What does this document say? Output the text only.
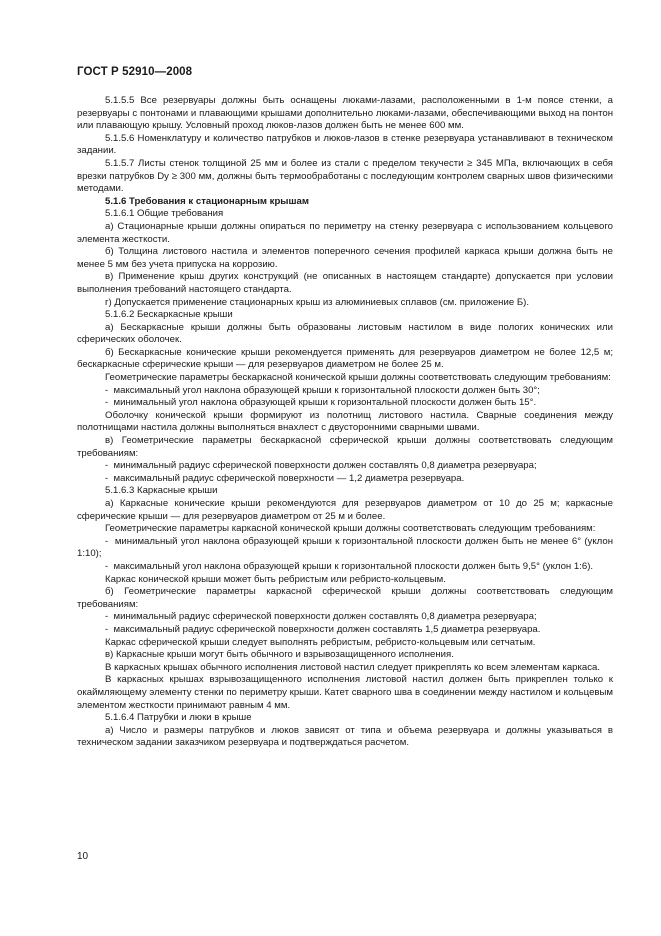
ГОСТ Р 52910—2008

5.1.5.5 Все резервуары должны быть оснащены люками-лазами, расположенными в 1-м поясе стенки, а резервуары с понтонами и плавающими крышами дополнительно люками-лазами, обеспечивающими выход на понтон или плавающую крышу. Условный проход люков-лазов должен быть не менее 600 мм.

5.1.5.6 Номенклатуру и количество патрубков и люков-лазов в стенке резервуара устанавливают в техническом задании.

5.1.5.7 Листы стенок толщиной 25 мм и более из стали с пределом текучести ≥ 345 МПа, включающих в себя врезки патрубков Dу ≥ 300 мм, должны быть термообработаны с последующим контролем сварных швов физическими методами.

5.1.6 Требования к стационарным крышам

5.1.6.1 Общие требования

а) Стационарные крыши должны опираться по периметру на стенку резервуара с использованием кольцевого элемента жесткости.

б) Толщина листового настила и элементов поперечного сечения профилей каркаса крыши должна быть не менее 5 мм без учета припуска на коррозию.

в) Применение крыш других конструкций (не описанных в настоящем стандарте) допускается при условии выполнения требований настоящего стандарта.

г) Допускается применение стационарных крыш из алюминиевых сплавов (см. приложение Б).

5.1.6.2 Бескаркасные крыши

а) Бескаркасные крыши должны быть образованы листовым настилом в виде пологих конических или сферических оболочек.

б) Бескаркасные конические крыши рекомендуется применять для резервуаров диаметром не более 12,5 м; бескаркасные сферические крыши — для резервуаров диаметром не более 25 м.

Геометрические параметры бескаркасной конической крыши должны соответствовать следующим требованиям:

-  максимальный угол наклона образующей крыши к горизонтальной плоскости должен быть 30°;

-  минимальный угол наклона образующей крыши к горизонтальной плоскости должен быть 15°.

Оболочку конической крыши формируют из полотнищ листового настила. Сварные соединения между полотнищами настила должны выполняться внахлест с двусторонними сварными швами.

в) Геометрические параметры бескаркасной сферической крыши должны соответствовать следующим требованиям:

-  минимальный радиус сферической поверхности должен составлять 0,8 диаметра резервуара;

-  максимальный радиус сферической поверхности — 1,2 диаметра резервуара.

5.1.6.3 Каркасные крыши

а) Каркасные конические крыши рекомендуются для резервуаров диаметром от 10 до 25 м; каркасные сферические крыши — для резервуаров диаметром от 25 м и более.

Геометрические параметры каркасной конической крыши должны соответствовать следующим требованиям:

-  минимальный угол наклона образующей крыши к горизонтальной плоскости должен быть не менее 6° (уклон 1:10);

-  максимальный угол наклона образующей крыши к горизонтальной плоскости должен быть 9,5° (уклон 1:6).

Каркас конической крыши может быть ребристым или ребристо-кольцевым.

б) Геометрические параметры каркасной сферической крыши должны соответствовать следующим требованиям:

-  минимальный радиус сферической поверхности должен составлять 0,8 диаметра резервуара;

-  максимальный радиус сферической поверхности должен составлять 1,5 диаметра резервуара.

Каркас сферической крыши следует выполнять ребристым, ребристо-кольцевым или сетчатым.

в) Каркасные крыши могут быть обычного и взрывозащищенного исполнения.

В каркасных крышах обычного исполнения листовой настил следует прикреплять ко всем элементам каркаса.

В каркасных крышах взрывозащищенного исполнения листовой настил должен быть прикреплен только к окаймляющему элементу стенки по периметру крыши. Катет сварного шва в соединении между настилом и кольцевым элементом жесткости принимают равным 4 мм.

5.1.6.4 Патрубки и люки в крыше

а) Число и размеры патрубков и люков зависят от типа и объема резервуара и должны указываться в техническом задании заказчиком резервуара и подтверждаться расчетом.

10
